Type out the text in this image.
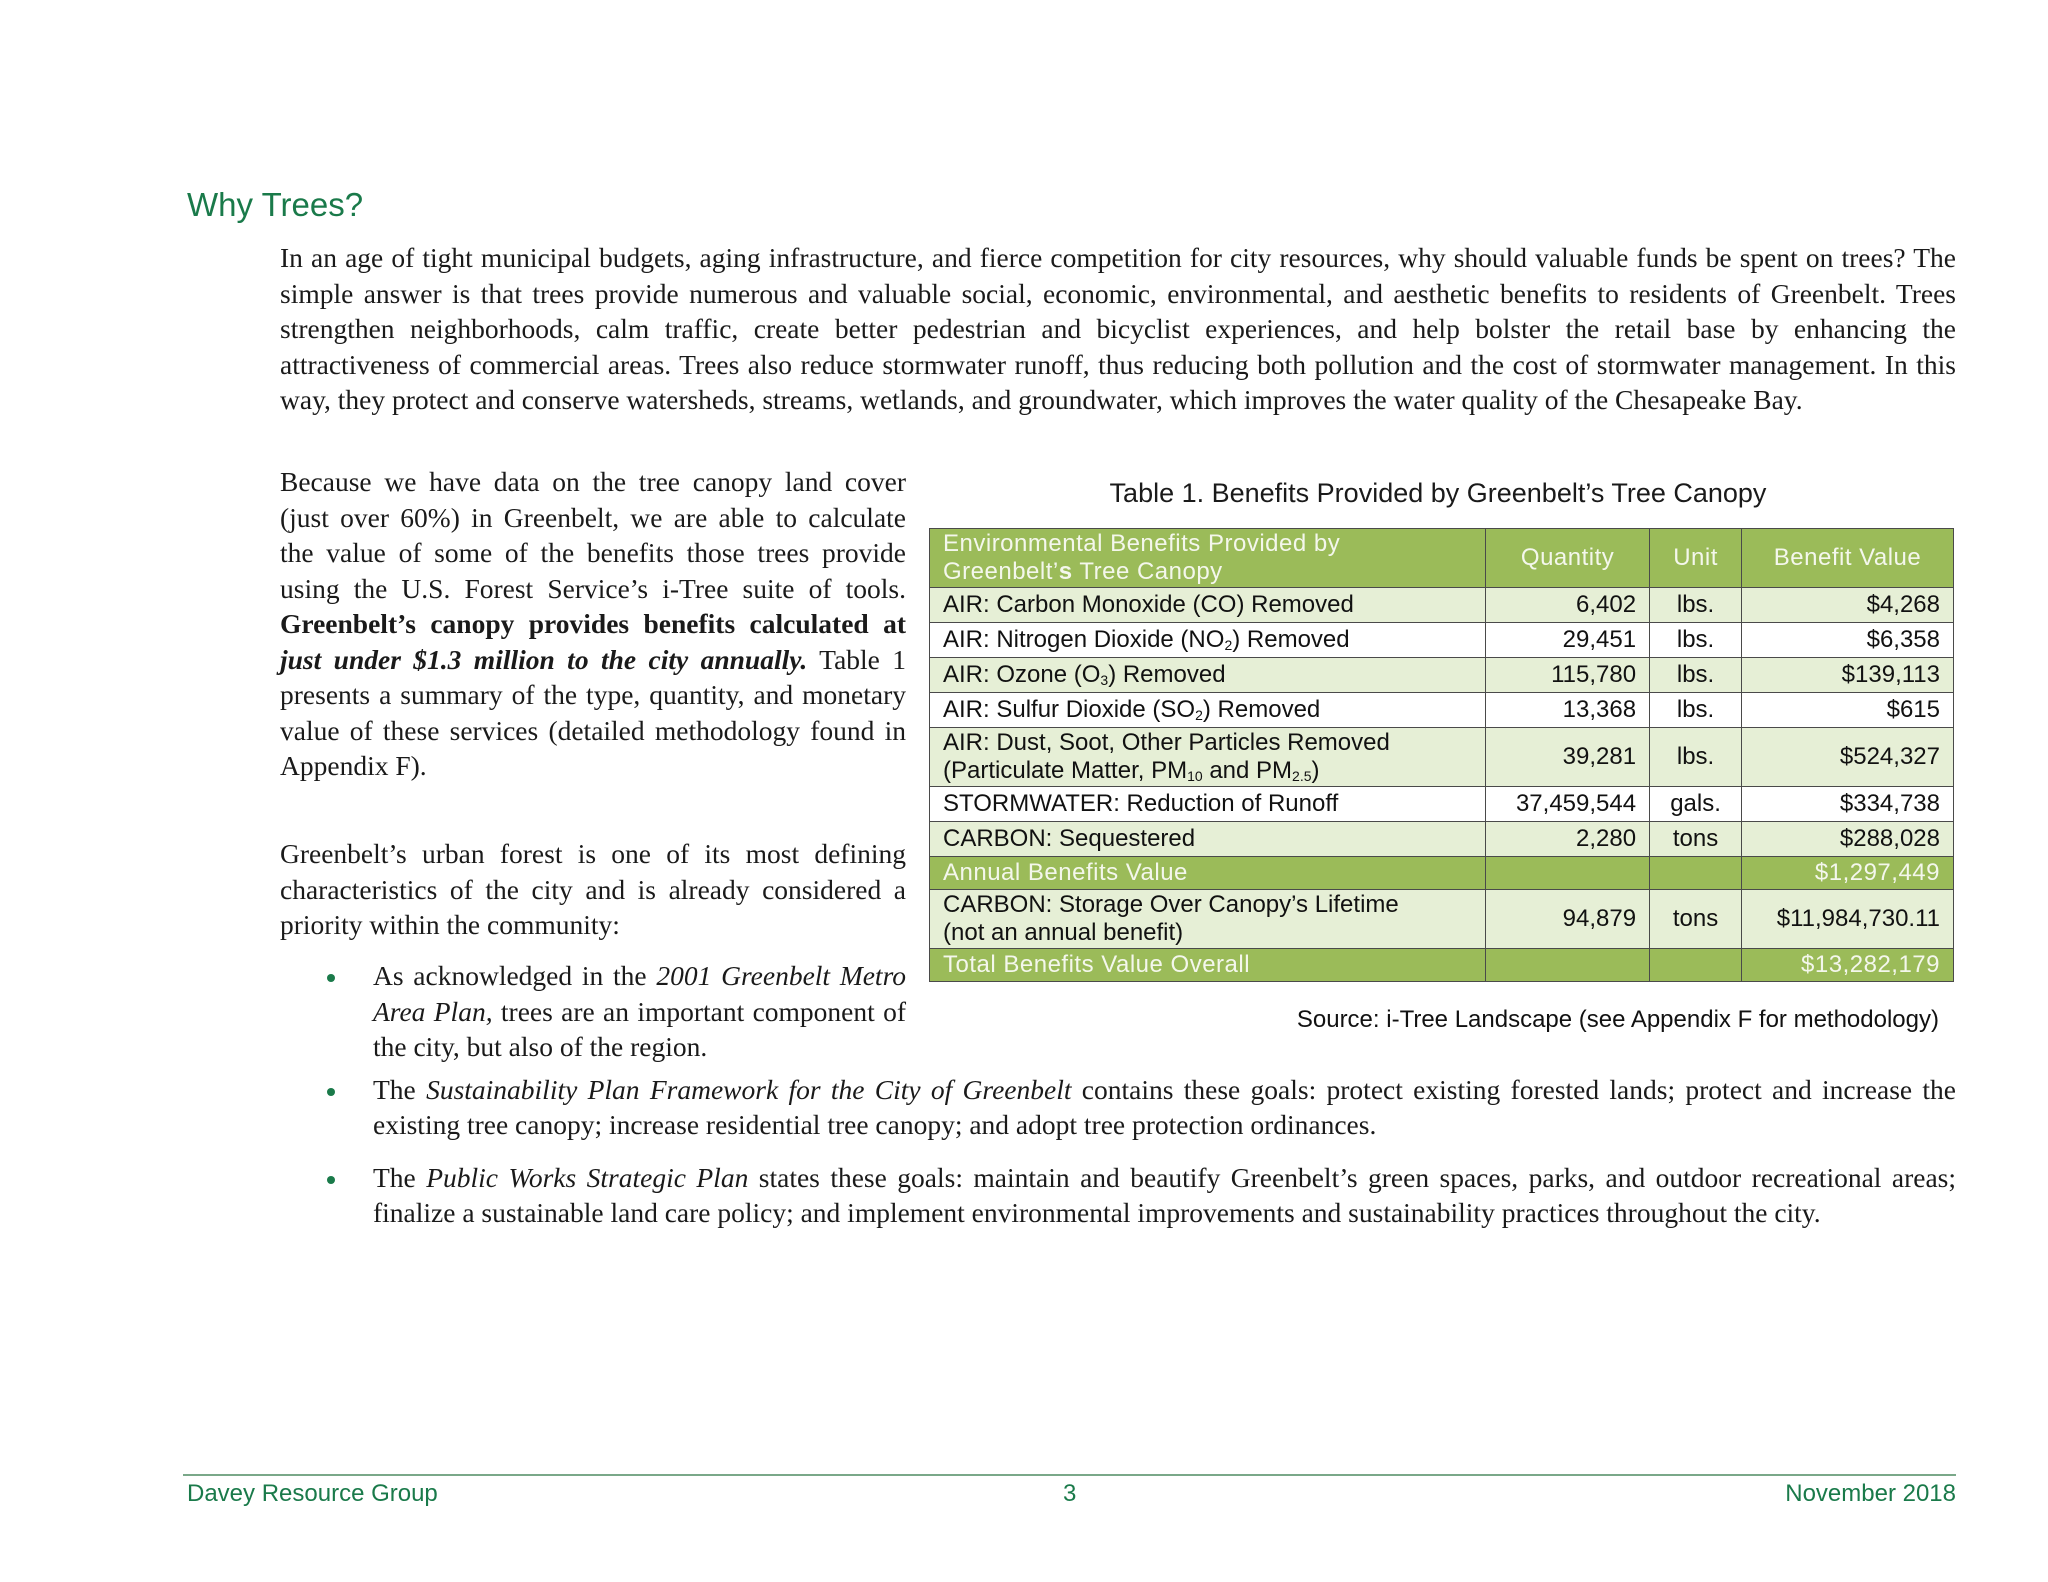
Why Trees?

In an age of tight municipal budgets, aging infrastructure, and fierce competition for city resources, why should valuable funds be spent on trees? The simple answer is that trees provide numerous and valuable social, economic, environmental, and aesthetic benefits to residents of Greenbelt. Trees strengthen neighborhoods, calm traffic, create better pedestrian and bicyclist experiences, and help bolster the retail base by enhancing the attractiveness of commercial areas. Trees also reduce stormwater runoff, thus reducing both pollution and the cost of stormwater management. In this way, they protect and conserve watersheds, streams, wetlands, and groundwater, which improves the water quality of the Chesapeake Bay.

Because we have data on the tree canopy land cover (just over 60%) in Greenbelt, we are able to calculate the value of some of the benefits those trees provide using the U.S. Forest Service’s i-Tree suite of tools. Greenbelt’s canopy provides benefits calculated at just under $1.3 million to the city annually. Table 1 presents a summary of the type, quantity, and monetary value of these services (detailed methodology found in Appendix F).

Greenbelt’s urban forest is one of its most defining characteristics of the city and is already considered a priority within the community:

As acknowledged in the 2001 Greenbelt Metro Area Plan, trees are an important component of the city, but also of the region.
The Sustainability Plan Framework for the City of Greenbelt contains these goals: protect existing forested lands; protect and increase the existing tree canopy; increase residential tree canopy; and adopt tree protection ordinances.
The Public Works Strategic Plan states these goals: maintain and beautify Greenbelt’s green spaces, parks, and outdoor recreational areas; finalize a sustainable land care policy; and implement environmental improvements and sustainability practices throughout the city.

Table 1. Benefits Provided by Greenbelt’s Tree Canopy

Environmental Benefits Provided by
Greenbelt’s Tree Canopy	Quantity	Unit	Benefit Value
AIR: Carbon Monoxide (CO) Removed	6,402	lbs.	$4,268
AIR: Nitrogen Dioxide $(NO_2)$ Removed	29,451	lbs.	$6,358
AIR: Ozone $(O_3)$ Removed	115,780	lbs.	$139,113
AIR: Sulfur Dioxide $(SO_2)$ Removed	13,368	lbs.	$615
AIR: Dust, Soot, Other Particles Removed
(Particulate Matter, $PM_{10}$ and $PM_{2.5}$)	39,281	lbs.	$524,327
STORMWATER: Reduction of Runoff	37,459,544	gals.	$334,738
CARBON: Sequestered	2,280	tons	$288,028
Annual Benefits Value			$1,297,449
CARBON: Storage Over Canopy’s Lifetime
(not an annual benefit)	94,879	tons	$11,984,730.11
Total Benefits Value Overall			$13,282,179

Source: i-Tree Landscape (see Appendix F for methodology)

Davey Resource Group	3	November 2018
